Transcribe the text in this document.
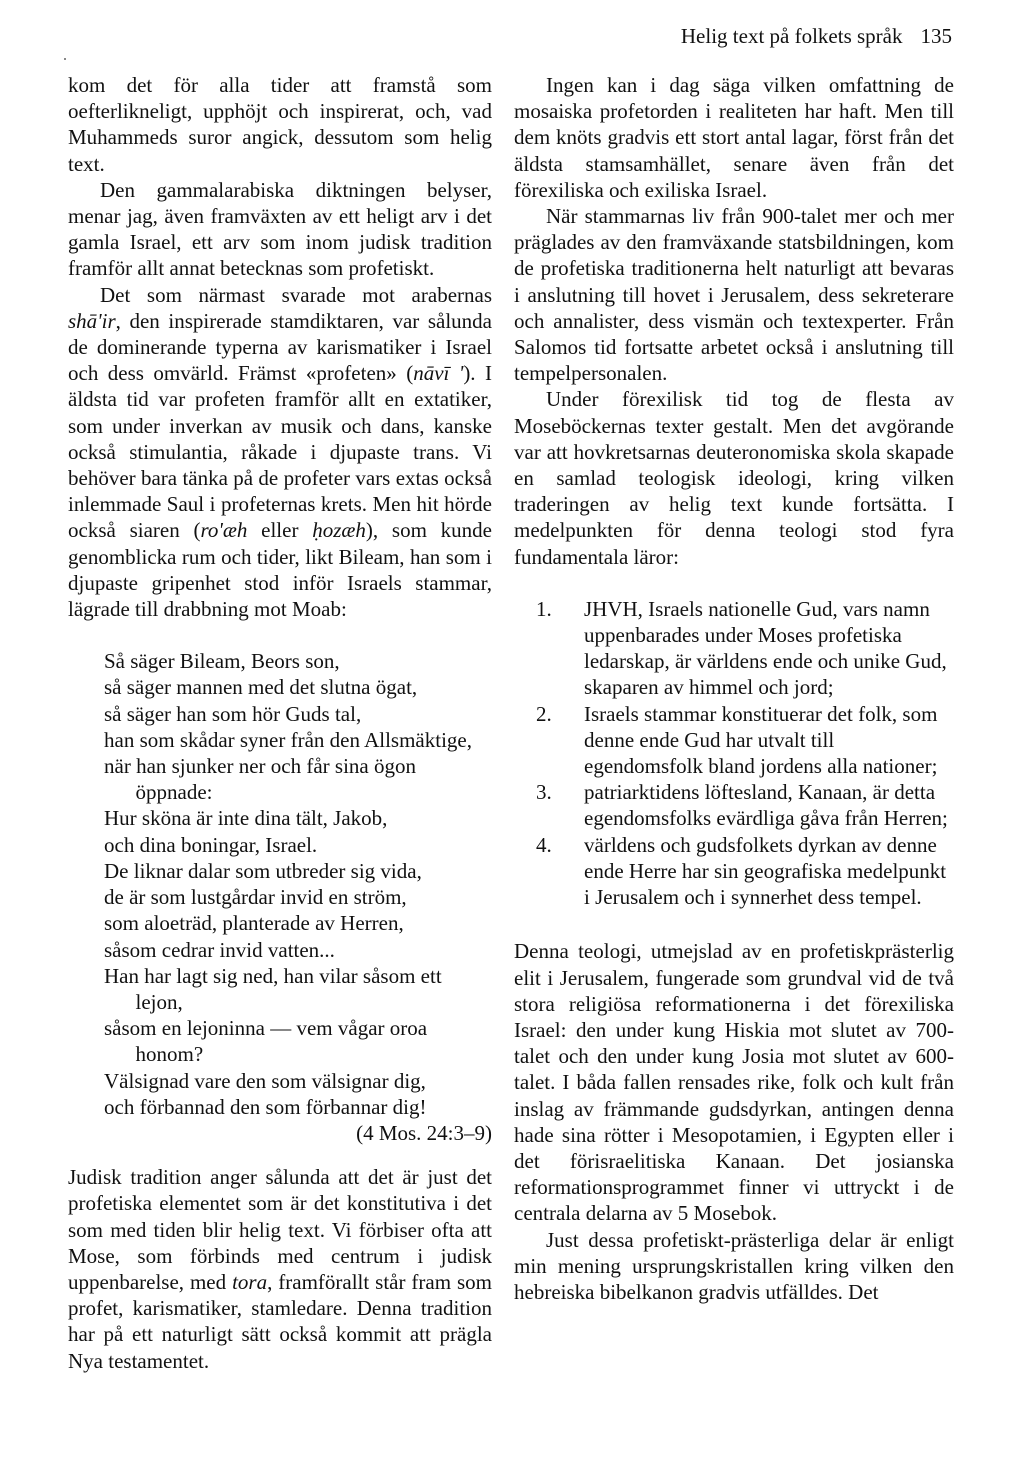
Helig text på folkets språk 135

kom det för alla tider att framstå som oefterlikneligt, upphöjt och inspirerat, och, vad Muhammeds suror angick, dessutom som helig text.

Den gammalarabiska diktningen belyser, menar jag, även framväxten av ett heligt arv i det gamla Israel, ett arv som inom judisk tradition framför allt annat betecknas som profetiskt.

Det som närmast svarade mot arabernas shā'ir, den inspirerade stamdiktaren, var sålunda de dominerande typerna av karismatiker i Israel och dess omvärld. Främst «profeten» (nāvī '). I äldsta tid var profeten framför allt en extatiker, som under inverkan av musik och dans, kanske också stimulantia, råkade i djupaste trans. Vi behöver bara tänka på de profeter vars extas också inlemmade Saul i profeternas krets. Men hit hörde också siaren (ro'æh eller ḥozæh), som kunde genomblicka rum och tider, likt Bileam, han som i djupaste gripenhet stod inför Israels stammar, lägrade till drabbning mot Moab:

Så säger Bileam, Beors son,
så säger mannen med det slutna ögat,
så säger han som hör Guds tal,
han som skådar syner från den Allsmäktige,
när han sjunker ner och får sina ögon öppnade:
Hur sköna är inte dina tält, Jakob,
och dina boningar, Israel.
De liknar dalar som utbreder sig vida,
de är som lustgårdar invid en ström,
som aloeträd, planterade av Herren,
såsom cedrar invid vatten...
Han har lagt sig ned, han vilar såsom ett lejon,
såsom en lejoninna — vem vågar oroa honom?
Välsignad vare den som välsignar dig,
och förbannad den som förbannar dig!
(4 Mos. 24:3–9)

Judisk tradition anger sålunda att det är just det profetiska elementet som är det konstitutiva i det som med tiden blir helig text. Vi förbiser ofta att Mose, som förbinds med centrum i judisk uppenbarelse, med tora, framförallt står fram som profet, karismatiker, stamledare. Denna tradition har på ett naturligt sätt också kommit att prägla Nya testamentet.

Ingen kan i dag säga vilken omfattning de mosaiska profetorden i realiteten har haft. Men till dem knöts gradvis ett stort antal lagar, först från det äldsta stamsamhället, senare även från det förexiliska och exiliska Israel.

När stammarnas liv från 900-talet mer och mer präglades av den framväxande statsbildningen, kom de profetiska traditionerna helt naturligt att bevaras i anslutning till hovet i Jerusalem, dess sekreterare och annalister, dess vismän och textexperter. Från Salomos tid fortsatte arbetet också i anslutning till tempelpersonalen.

Under förexilisk tid tog de flesta av Moseböckernas texter gestalt. Men det avgörande var att hovkretsarnas deuteronomiska skola skapade en samlad teologisk ideologi, kring vilken traderingen av helig text kunde fortsätta. I medelpunkten för denna teologi stod fyra fundamentala läror:

1. JHVH, Israels nationelle Gud, vars namn uppenbarades under Moses profetiska ledarskap, är världens ende och unike Gud, skaparen av himmel och jord;
2. Israels stammar konstituerar det folk, som denne ende Gud har utvalt till egendomsfolk bland jordens alla nationer;
3. patriarktidens löftesland, Kanaan, är detta egendomsfolks evärdliga gåva från Herren;
4. världens och gudsfolkets dyrkan av denne ende Herre har sin geografiska medelpunkt i Jerusalem och i synnerhet dess tempel.

Denna teologi, utmejslad av en profetiskprästerlig elit i Jerusalem, fungerade som grundval vid de två stora religiösa reformationerna i det förexiliska Israel: den under kung Hiskia mot slutet av 700-talet och den under kung Josia mot slutet av 600-talet. I båda fallen rensades rike, folk och kult från inslag av främmande gudsdyrkan, antingen denna hade sina rötter i Mesopotamien, i Egypten eller i det förisraelitiska Kanaan. Det josianska reformationsprogrammet finner vi uttryckt i de centrala delarna av 5 Mosebok.

Just dessa profetiskt-prästerliga delar är enligt min mening ursprungskristallen kring vilken den hebreiska bibelkanon gradvis utfälldes. Det
